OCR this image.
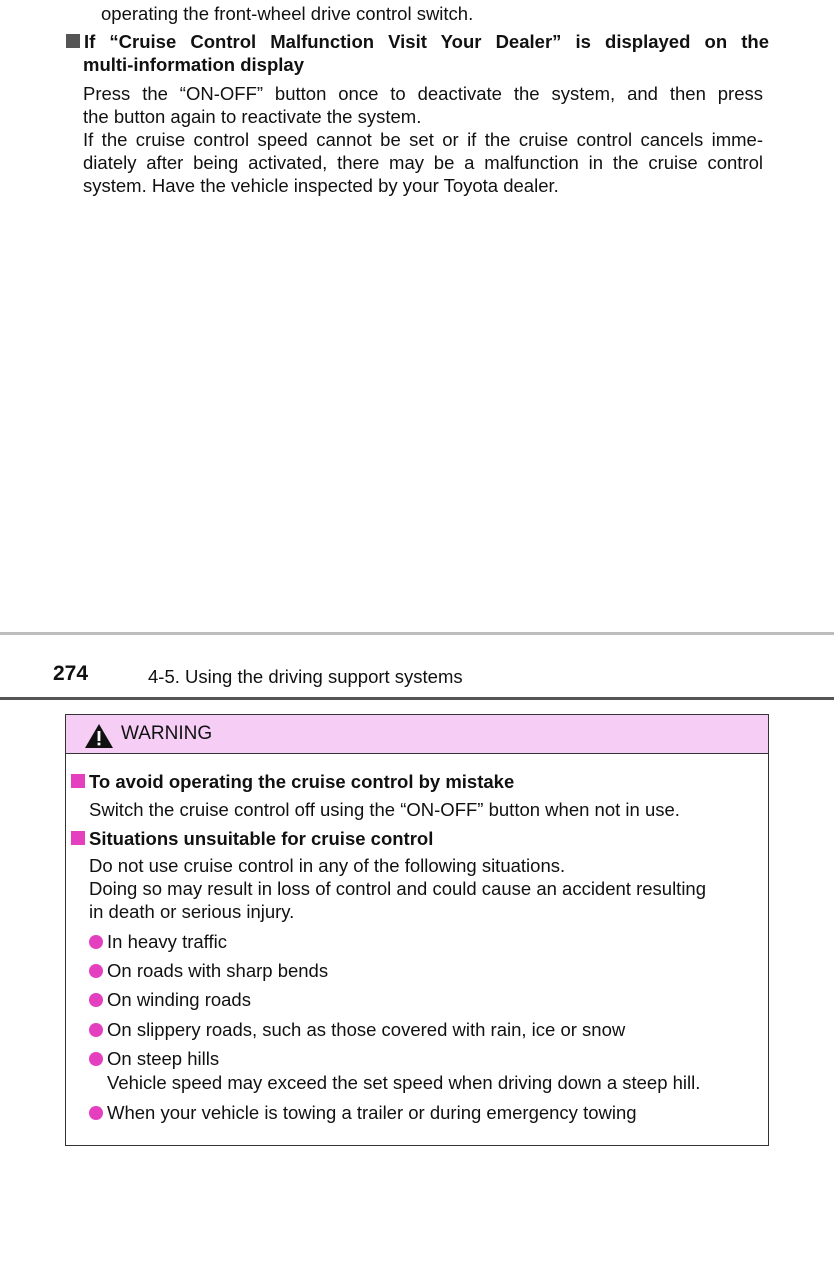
operating the front-wheel drive control switch.
If “Cruise Control Malfunction Visit Your Dealer” is displayed on the
multi-information display
Press the “ON-OFF” button once to deactivate the system, and then press
the button again to reactivate the system.
If the cruise control speed cannot be set or if the cruise control cancels imme-
diately after being activated, there may be a malfunction in the cruise control
system. Have the vehicle inspected by your Toyota dealer.
274	4-5. Using the driving support systems
WARNING
To avoid operating the cruise control by mistake
Switch the cruise control off using the “ON-OFF” button when not in use.
Situations unsuitable for cruise control
Do not use cruise control in any of the following situations.
Doing so may result in loss of control and could cause an accident resulting
in death or serious injury.
In heavy traffic
On roads with sharp bends
On winding roads
On slippery roads, such as those covered with rain, ice or snow
On steep hills
Vehicle speed may exceed the set speed when driving down a steep hill.
When your vehicle is towing a trailer or during emergency towing
